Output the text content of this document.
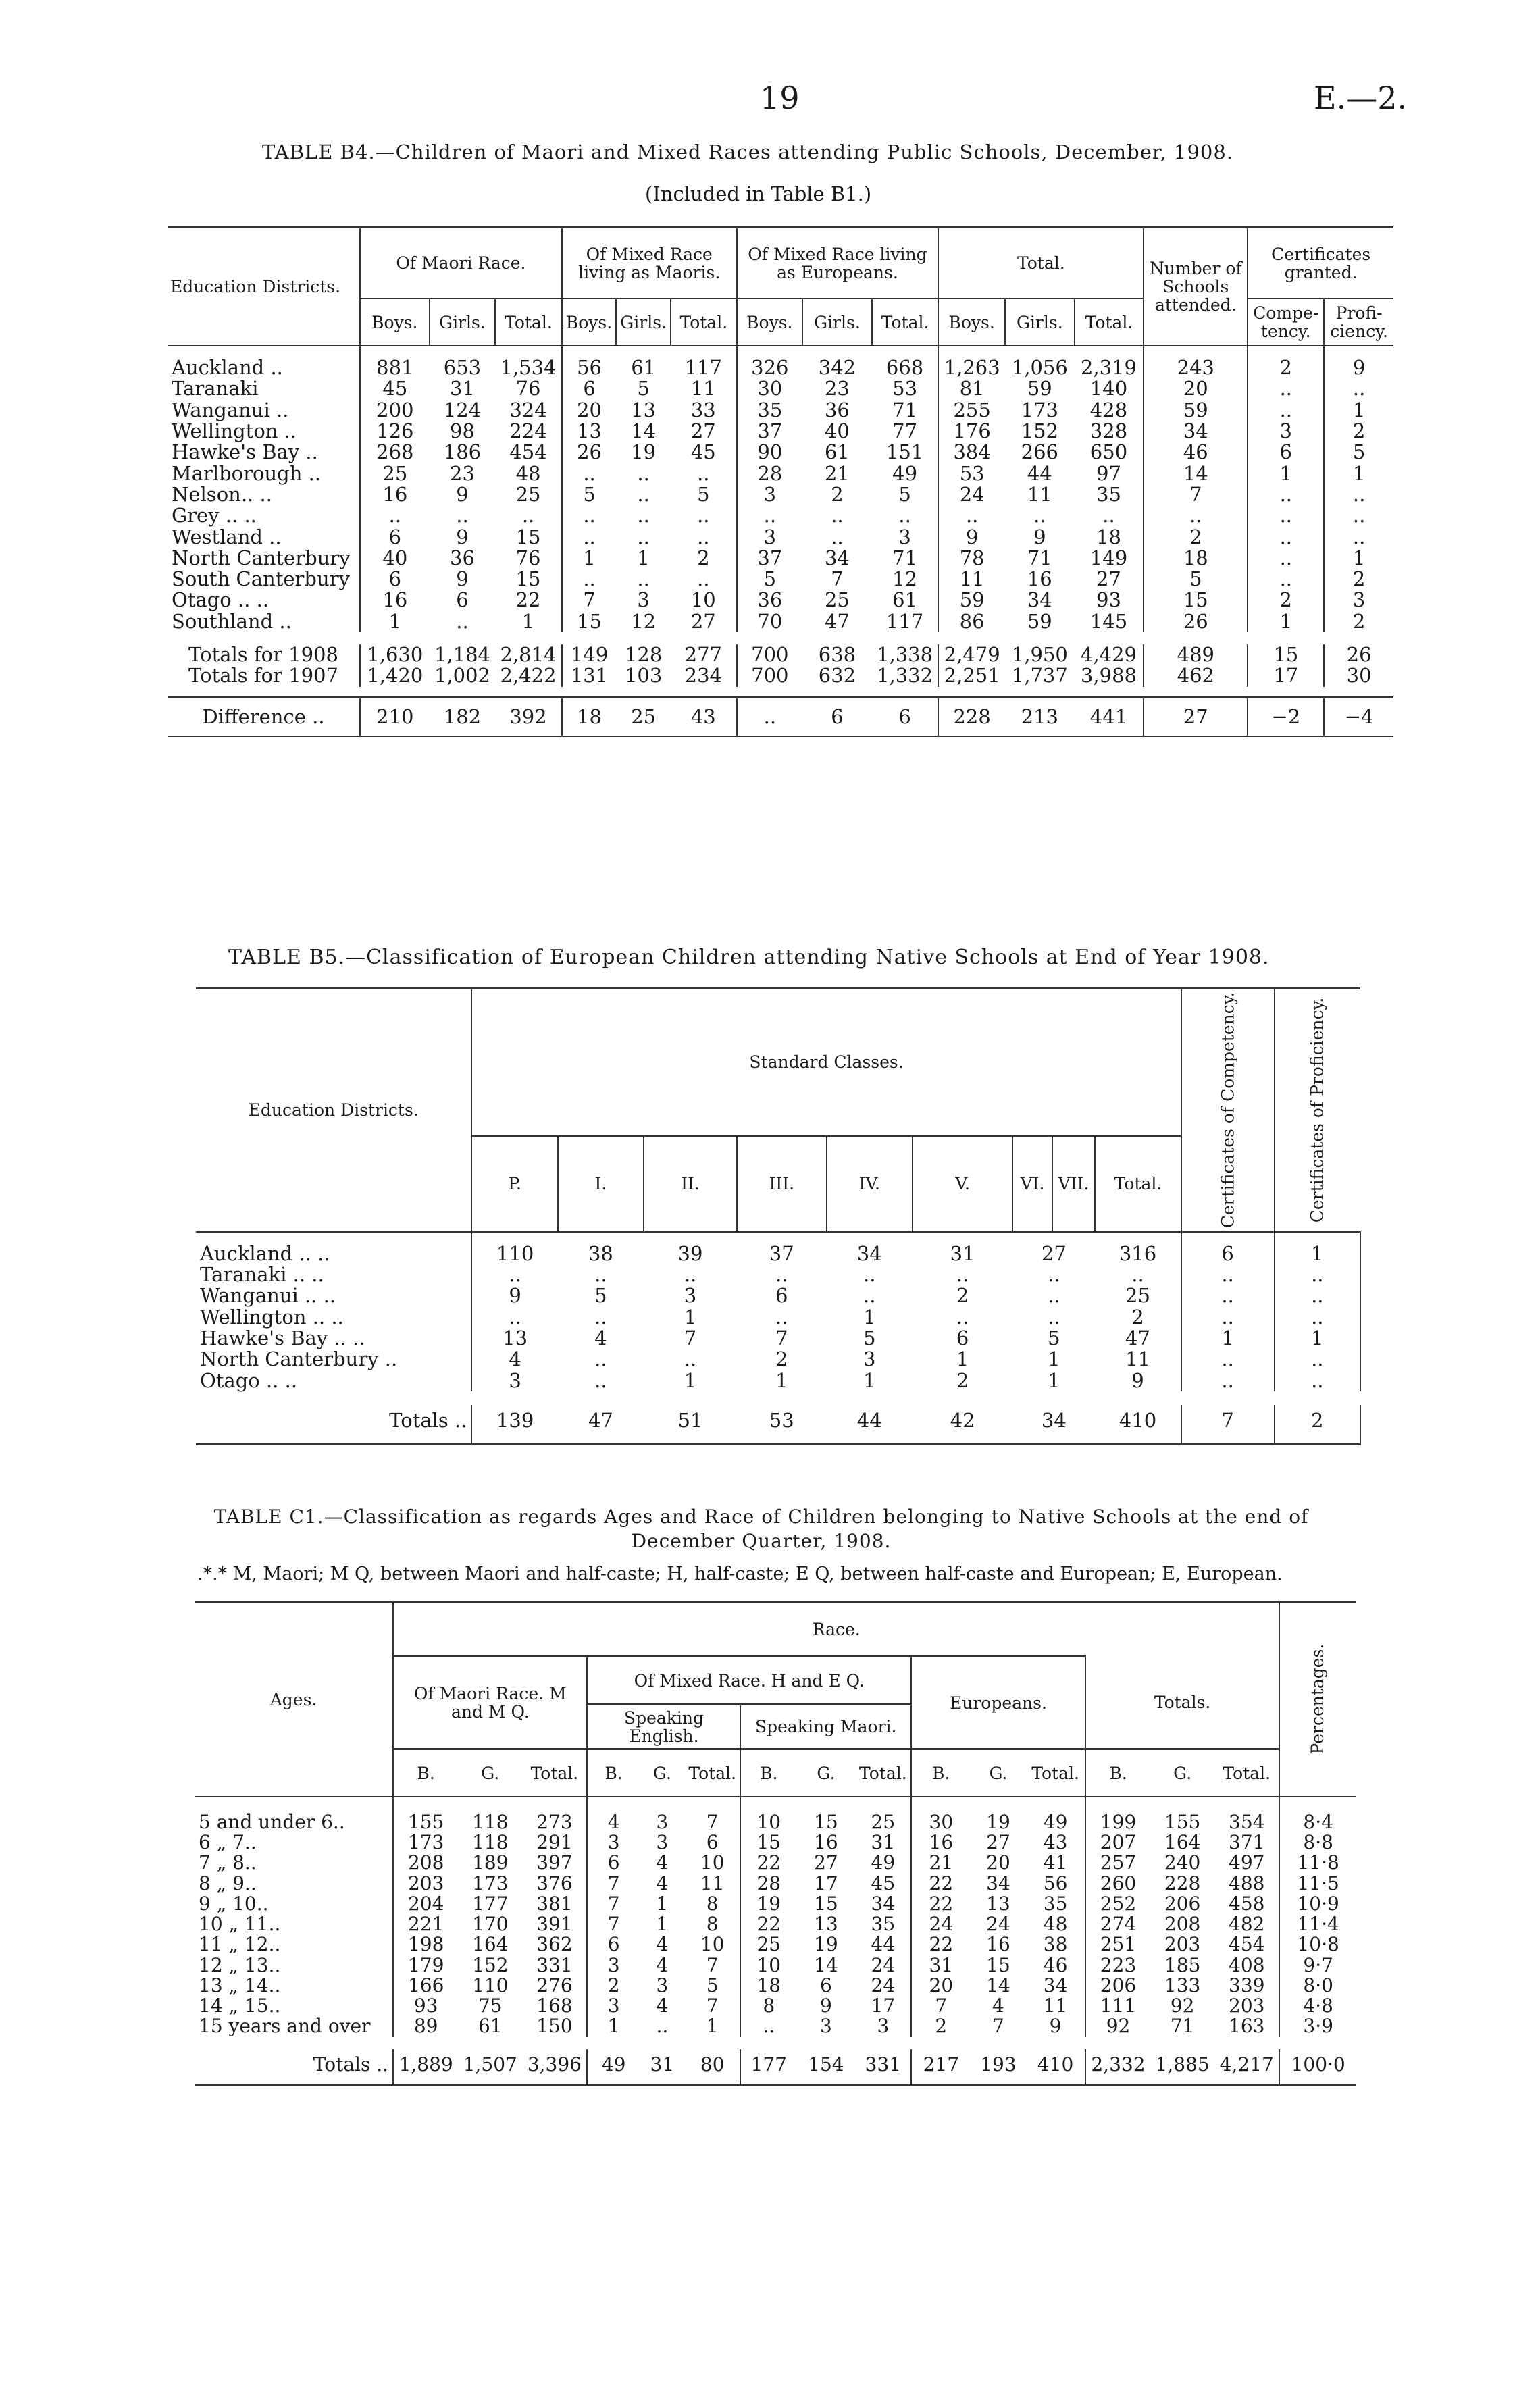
19	E.—2.
TABLE B4.—Children of Maori and Mixed Races attending Public Schools, December, 1908.
(Included in Table B1.)
Education Districts.	Of Maori Race.			Of Mixed Race living as Maoris.			Of Mixed Race living as Europeans.			Total.			Number of Schools attended.	Certificates granted.	
	Boys.	Girls.	Total.	Boys.	Girls.	Total.	Boys.	Girls.	Total.	Boys.	Girls.	Total.		Compe-tency.	Profi-ciency.
Auckland ..	881	653	1,534	56	61	117	326	342	668	1,263	1,056	2,319	243	2	9
Taranaki	45	31	76	6	5	11	30	23	53	81	59	140	20	..	..
Wanganui ..	200	124	324	20	13	33	35	36	71	255	173	428	59	..	1
Wellington ..	126	98	224	13	14	27	37	40	77	176	152	328	34	3	2
Hawke's Bay ..	268	186	454	26	19	45	90	61	151	384	266	650	46	6	5
Marlborough ..	25	23	48	..	..	..	28	21	49	53	44	97	14	1	1
Nelson.. ..	16	9	25	5	..	5	3	2	5	24	11	35	7	..	..
Grey .. ..	..	..	..	..	..	..	..	..	..	..	..	..	..	..	..
Westland ..	6	9	15	..	..	..	3	..	3	9	9	18	2	..	..
North Canterbury	40	36	76	1	1	2	37	34	71	78	71	149	18	..	1
South Canterbury	6	9	15	..	..	..	5	7	12	11	16	27	5	..	2
Otago .. ..	16	6	22	7	3	10	36	25	61	59	34	93	15	2	3
Southland ..	1	..	1	15	12	27	70	47	117	86	59	145	26	1	2

Totals for 1908	1,630	1,184	2,814	149	128	277	700	638	1,338	2,479	1,950	4,429	489	15	26
Totals for 1907	1,420	1,002	2,422	131	103	234	700	632	1,332	2,251	1,737	3,988	462	17	30

Difference ..	210	182	392	18	25	43	..	6	6	228	213	441	27	−2	−4
TABLE B5.—Classification of European Children attending Native Schools at End of Year 1908.
Education Districts.	Standard Classes.									Certificates of Competency.	Certificates of Proficiency.
	P.	I.	II.	III.	IV.	V.	VI.	VII.	Total.		
Auckland .. ..	110	38	39	37	34	31	27		316	6	1
Taranaki .. ..	..	..	..	..	..	..	..		..	..	..
Wanganui .. ..	9	5	3	6	..	2	..		25	..	..
Wellington .. ..	..	..	1	..	1	..	..		2	..	..
Hawke's Bay .. ..	13	4	7	7	5	6	5		47	1	1
North Canterbury ..	4	..	..	2	3	1	1		11	..	..
Otago .. ..	3	..	1	1	1	2	1		9	..	..

Totals ..	139	47	51	53	44	42	34		410	7	2
TABLE C1.—Classification as regards Ages and Race of Children belonging to Native Schools at the end of December Quarter, 1908.
.*.* M, Maori; M Q, between Maori and half-caste; H, half-caste; E Q, between half-caste and European; E, European.
Ages.	Race.															Percentages.
	Of Maori Race. M and M Q.			Of Mixed Race. H and E Q.						Europeans.			Totals.			
				Speaking English.			Speaking Maori.									
	B.	G.	Total.	B.	G.	Total.	B.	G.	Total.	B.	G.	Total.	B.	G.	Total.	
5 and under 6..	155	118	273	4	3	7	10	15	25	30	19	49	199	155	354	8·4
6 „ 7..	173	118	291	3	3	6	15	16	31	16	27	43	207	164	371	8·8
7 „ 8..	208	189	397	6	4	10	22	27	49	21	20	41	257	240	497	11·8
8 „ 9..	203	173	376	7	4	11	28	17	45	22	34	56	260	228	488	11·5
9 „ 10..	204	177	381	7	1	8	19	15	34	22	13	35	252	206	458	10·9
10 „ 11..	221	170	391	7	1	8	22	13	35	24	24	48	274	208	482	11·4
11 „ 12..	198	164	362	6	4	10	25	19	44	22	16	38	251	203	454	10·8
12 „ 13..	179	152	331	3	4	7	10	14	24	31	15	46	223	185	408	9·7
13 „ 14..	166	110	276	2	3	5	18	6	24	20	14	34	206	133	339	8·0
14 „ 15..	93	75	168	3	4	7	8	9	17	7	4	11	111	92	203	4·8
15 years and over	89	61	150	1	..	1	..	3	3	2	7	9	92	71	163	3·9

Totals ..	1,889	1,507	3,396	49	31	80	177	154	331	217	193	410	2,332	1,885	4,217	100·0
